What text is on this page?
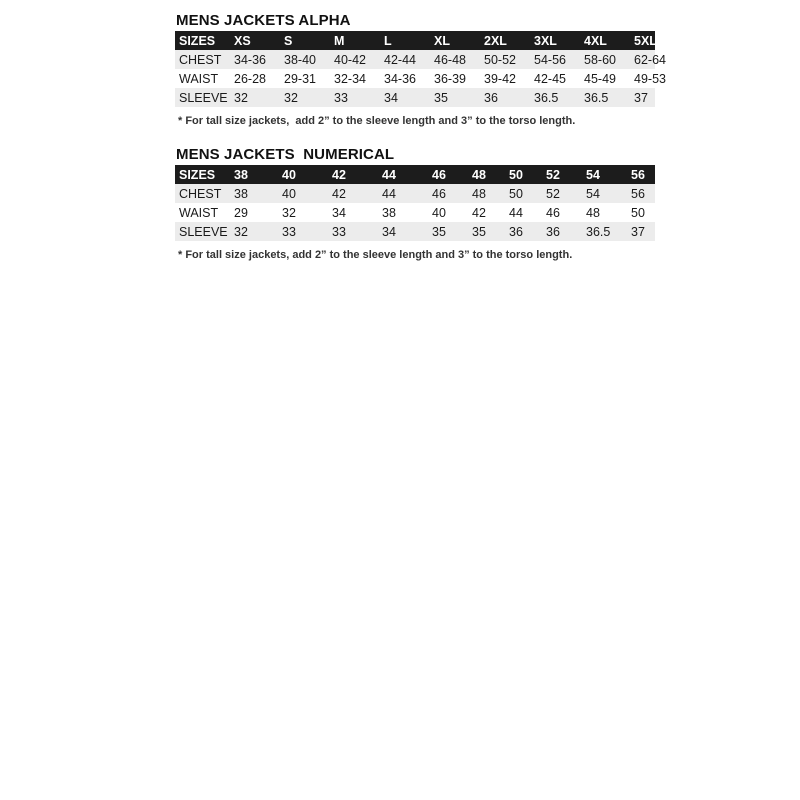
MENS JACKETS ALPHA
SIZES	XS	S	M	L	XL	2XL	3XL	4XL	5XL
CHEST	34-36	38-40	40-42	42-44	46-48	50-52	54-56	58-60	62-64
WAIST	26-28	29-31	32-34	34-36	36-39	39-42	42-45	45-49	49-53
SLEEVE	32	32	33	34	35	36	36.5	36.5	37
* For tall size jackets,  add 2” to the sleeve length and 3” to the torso length.
MENS JACKETS  NUMERICAL
SIZES	38	40	42	44	46	48	50	52	54	56
CHEST	38	40	42	44	46	48	50	52	54	56
WAIST	29	32	34	38	40	42	44	46	48	50
SLEEVE	32	33	33	34	35	35	36	36	36.5	37
* For tall size jackets, add 2” to the sleeve length and 3” to the torso length.
